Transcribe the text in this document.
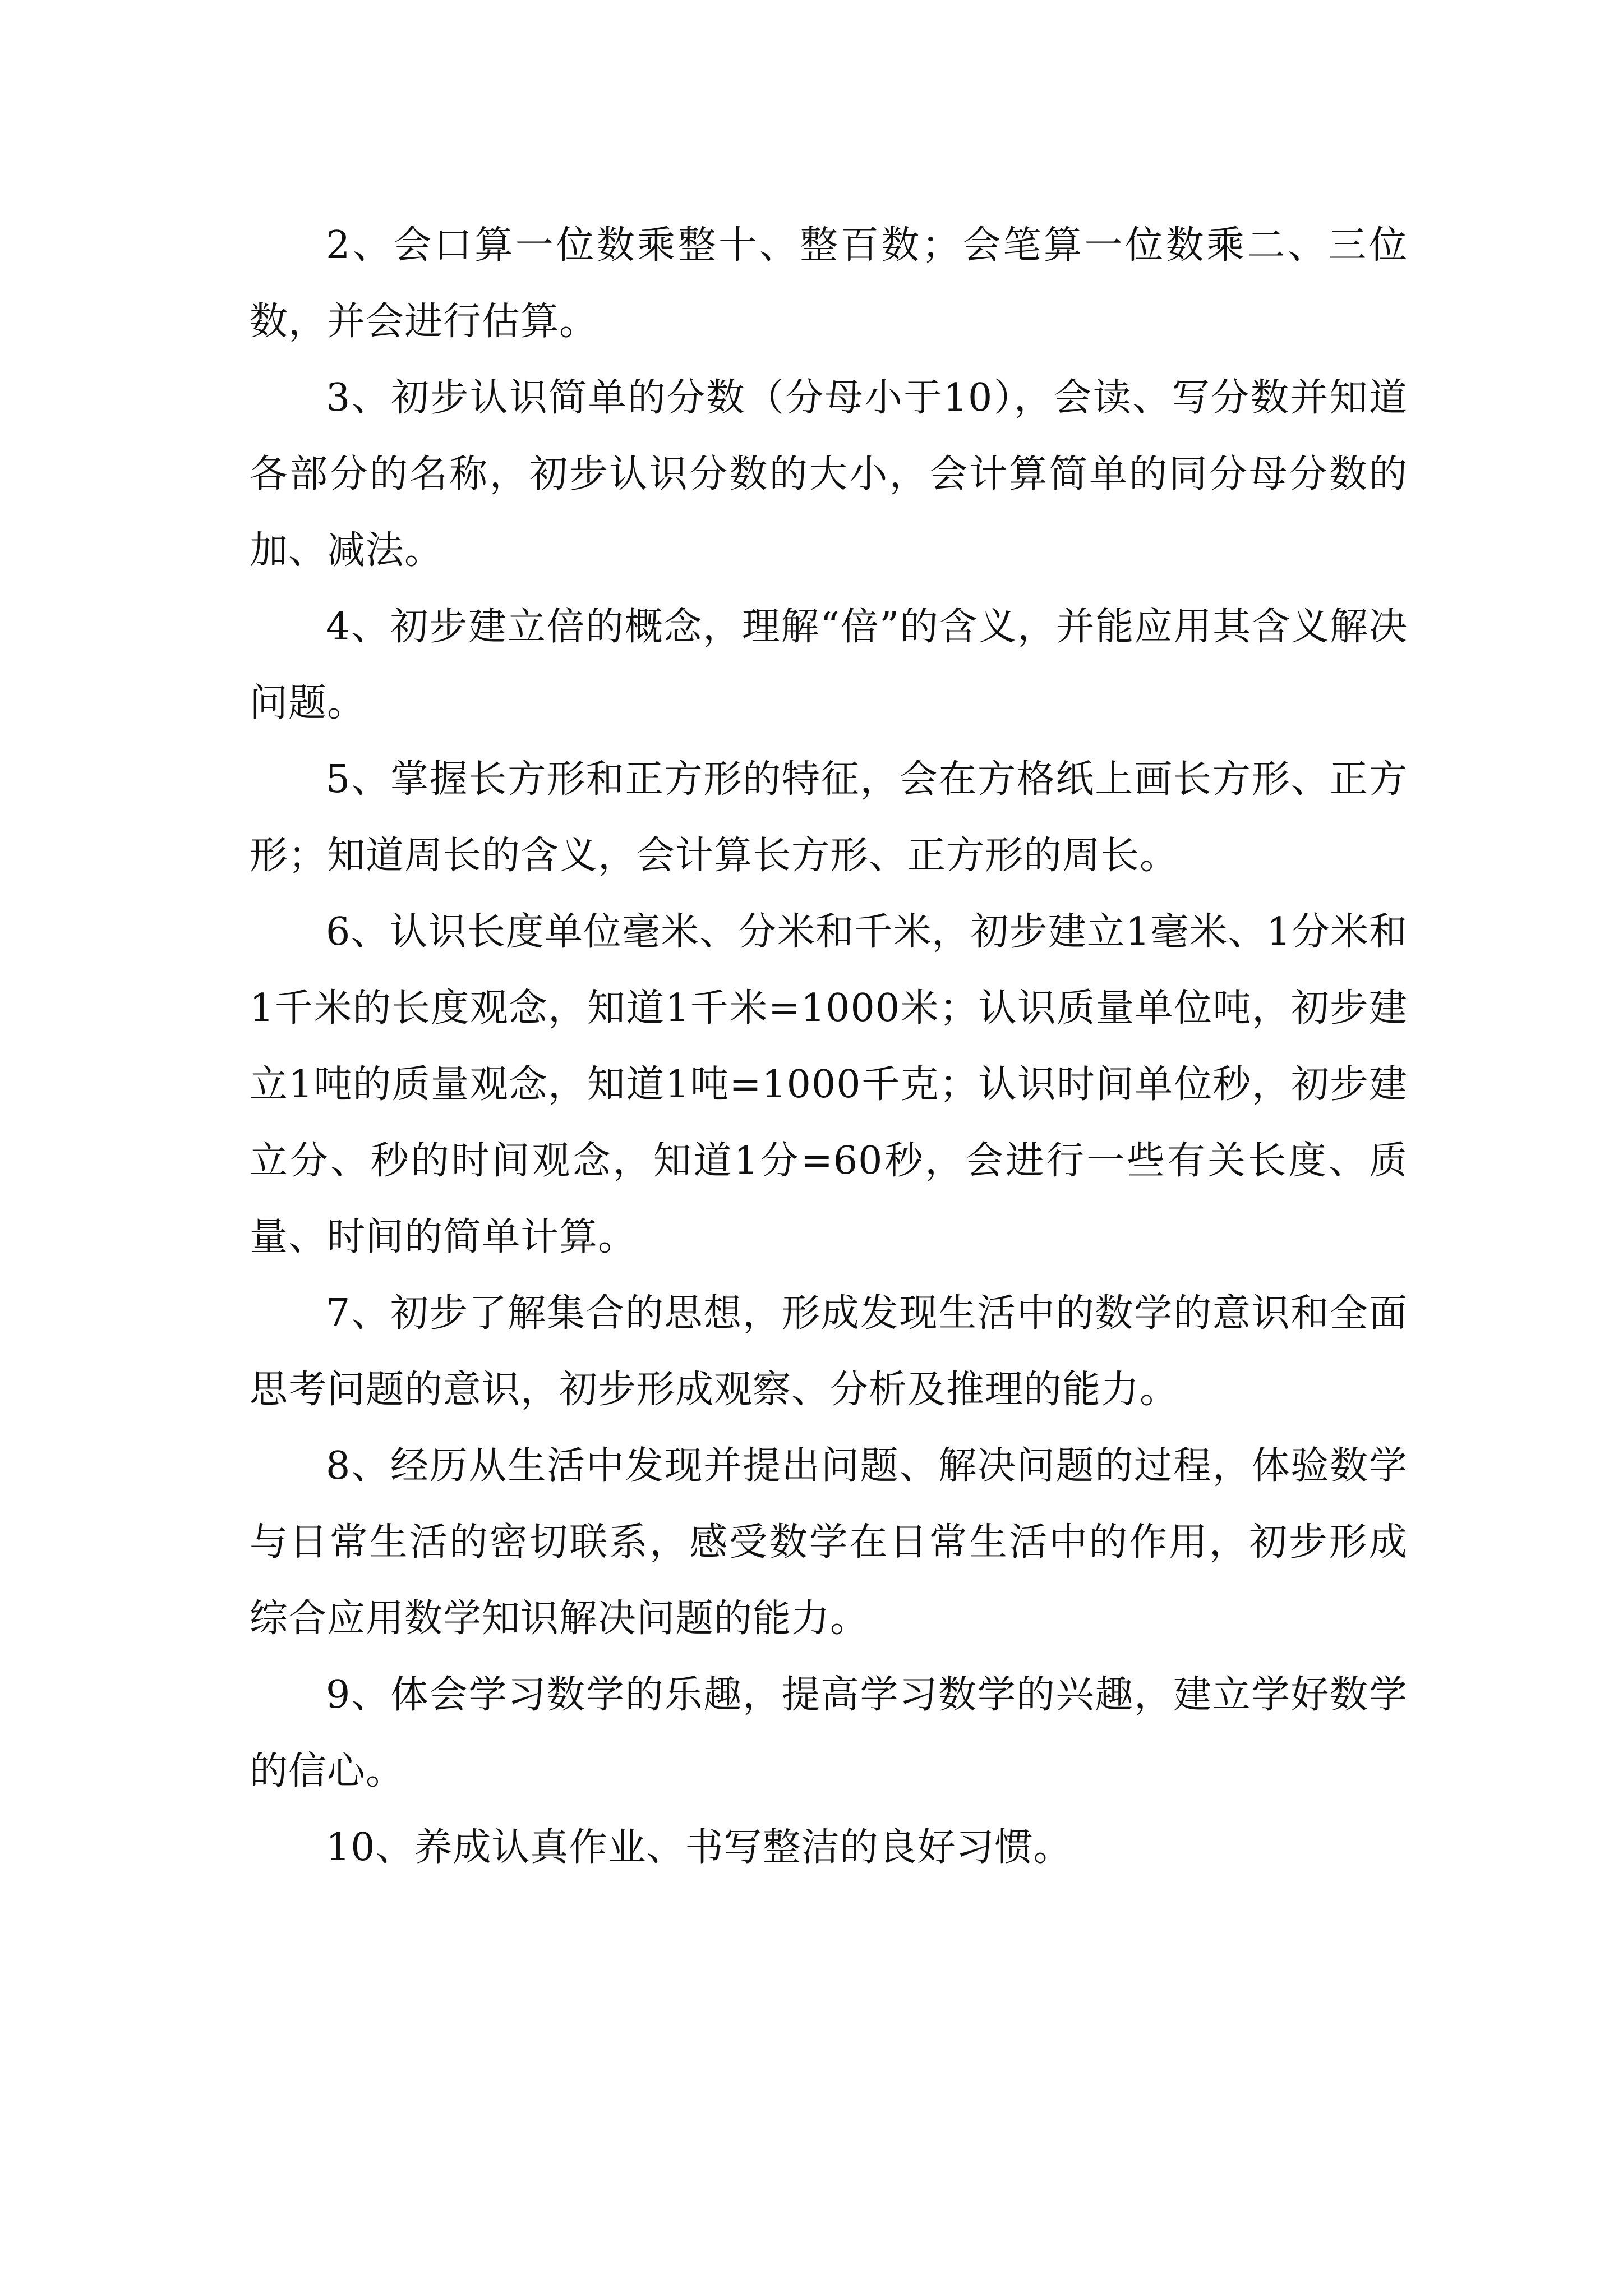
2、会口算一位数乘整十、整百数；会笔算一位数乘二、三位数，并会进行估算。

3、初步认识简单的分数（分母小于10），会读、写分数并知道各部分的名称，初步认识分数的大小，会计算简单的同分母分数的加、减法。

4、初步建立倍的概念，理解“倍”的含义，并能应用其含义解决问题。

5、掌握长方形和正方形的特征，会在方格纸上画长方形、正方形；知道周长的含义，会计算长方形、正方形的周长。

6、认识长度单位毫米、分米和千米，初步建立1毫米、1分米和1千米的长度观念，知道1千米=1000米；认识质量单位吨，初步建立1吨的质量观念，知道1吨=1000千克；认识时间单位秒，初步建立分、秒的时间观念，知道1分=60秒，会进行一些有关长度、质量、时间的简单计算。

7、初步了解集合的思想，形成发现生活中的数学的意识和全面思考问题的意识，初步形成观察、分析及推理的能力。

8、经历从生活中发现并提出问题、解决问题的过程，体验数学与日常生活的密切联系，感受数学在日常生活中的作用，初步形成综合应用数学知识解决问题的能力。

9、体会学习数学的乐趣，提高学习数学的兴趣，建立学好数学的信心。

10、养成认真作业、书写整洁的良好习惯。
